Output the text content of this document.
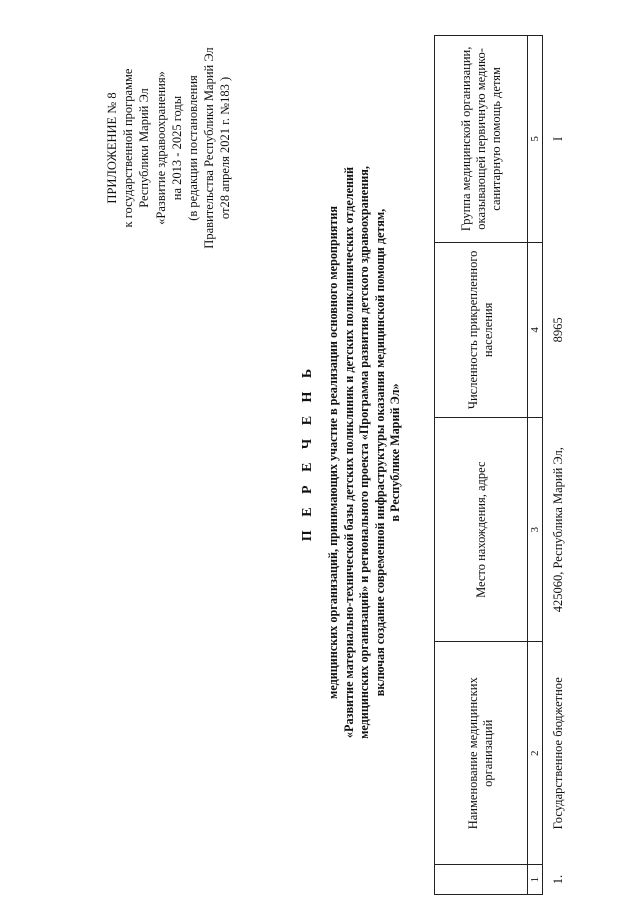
ПРИЛОЖЕНИЕ № 8 к государственной программе Республики Марий Эл «Развитие здравоохранения» на 2013 - 2025 годы (в редакции постановления Правительства Республики Марий Эл от28 апреля 2021 г. №183 )
П Е Р Е Ч Е Н Ь медицинских организаций, принимающих участие в реализации основного мероприятия «Развитие материально-технической базы детских поликлиник и детских поликлинических отделений медицинских организаций» и регионального проекта «Программа развития детского здравоохранения, включая создание современной инфраструктуры оказания медицинской помощи детям, в Республике Марий Эл»
	Наименование медицинских организаций	Место нахождения, адрес	Численность прикрепленного населения	Группа медицинской организации, оказывающей первичную медико-санитарную помощь детям
1	2	3	4	5
1.	Государственное бюджетное	425060, Республика Марий Эл,	8965	I
